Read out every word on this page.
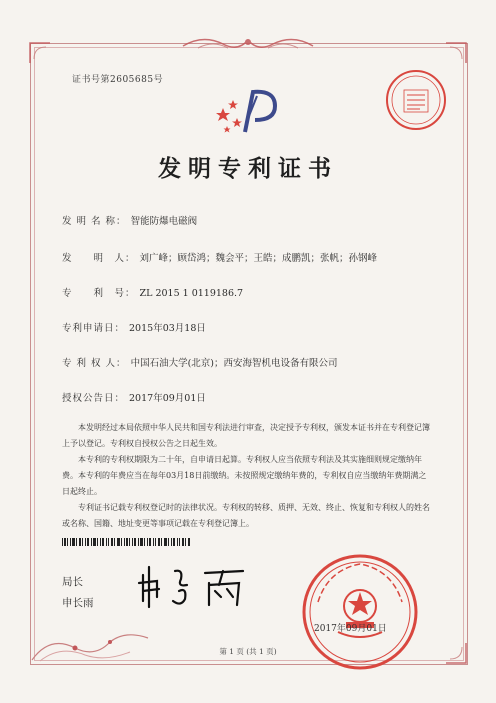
证书号第2605685号
发明专利证书
发 明 名 称： 智能防爆电磁阀
发　　明　人： 刘广峰；顾岱鸿；魏会平；王皓；成鹏凯；张帆；孙钢峰
专　　利　号： ZL 2015 1 0119186.7
专利申请日： 2015年03月18日
专 利 权 人： 中国石油大学(北京)；西安海智机电设备有限公司
授权公告日： 2017年09月01日

本发明经过本局依照中华人民共和国专利法进行审查，决定授予专利权，颁发本证书并在专利登记簿上予以登记。专利权自授权公告之日起生效。

本专利的专利权期限为二十年，自申请日起算。专利权人应当依照专利法及其实施细则规定缴纳年费。本专利的年费应当在每年03月18日前缴纳。未按照规定缴纳年费的，专利权自应当缴纳年费期满之日起终止。

专利证书记载专利权登记时的法律状况。专利权的转移、质押、无效、终止、恢复和专利权人的姓名或名称、国籍、地址变更等事项记载在专利登记簿上。

局长
申长雨
2017年09月01日
第 1 页 (共 1 页)
